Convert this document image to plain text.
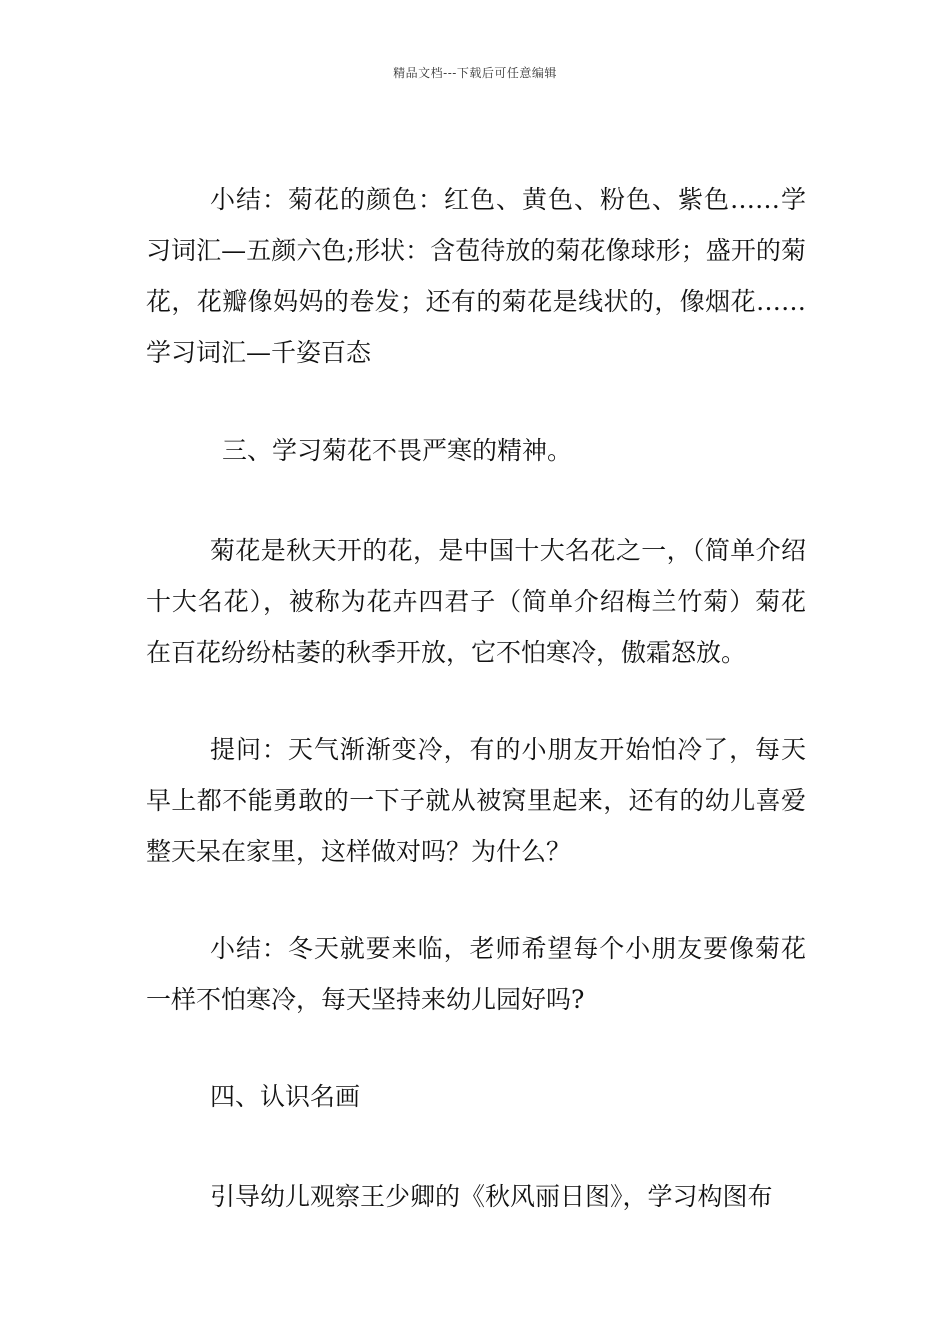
精品文档---下载后可任意编辑

小结：菊花的颜色：红色、黄色、粉色、紫色……学习词汇—五颜六色;形状：含苞待放的菊花像球形；盛开的菊花，花瓣像妈妈的卷发；还有的菊花是线状的，像烟花……学习词汇—千姿百态

三、学习菊花不畏严寒的精神。

菊花是秋天开的花，是中国十大名花之一，（简单介绍十大名花），被称为花卉四君子（简单介绍梅兰竹菊）菊花在百花纷纷枯萎的秋季开放，它不怕寒冷，傲霜怒放。

提问：天气渐渐变冷，有的小朋友开始怕冷了，每天早上都不能勇敢的一下子就从被窝里起来，还有的幼儿喜爱整天呆在家里，这样做对吗？为什么？

小结：冬天就要来临，老师希望每个小朋友要像菊花一样不怕寒冷，每天坚持来幼儿园好吗?

四、认识名画

引导幼儿观察王少卿的《秋风丽日图》，学习构图布
